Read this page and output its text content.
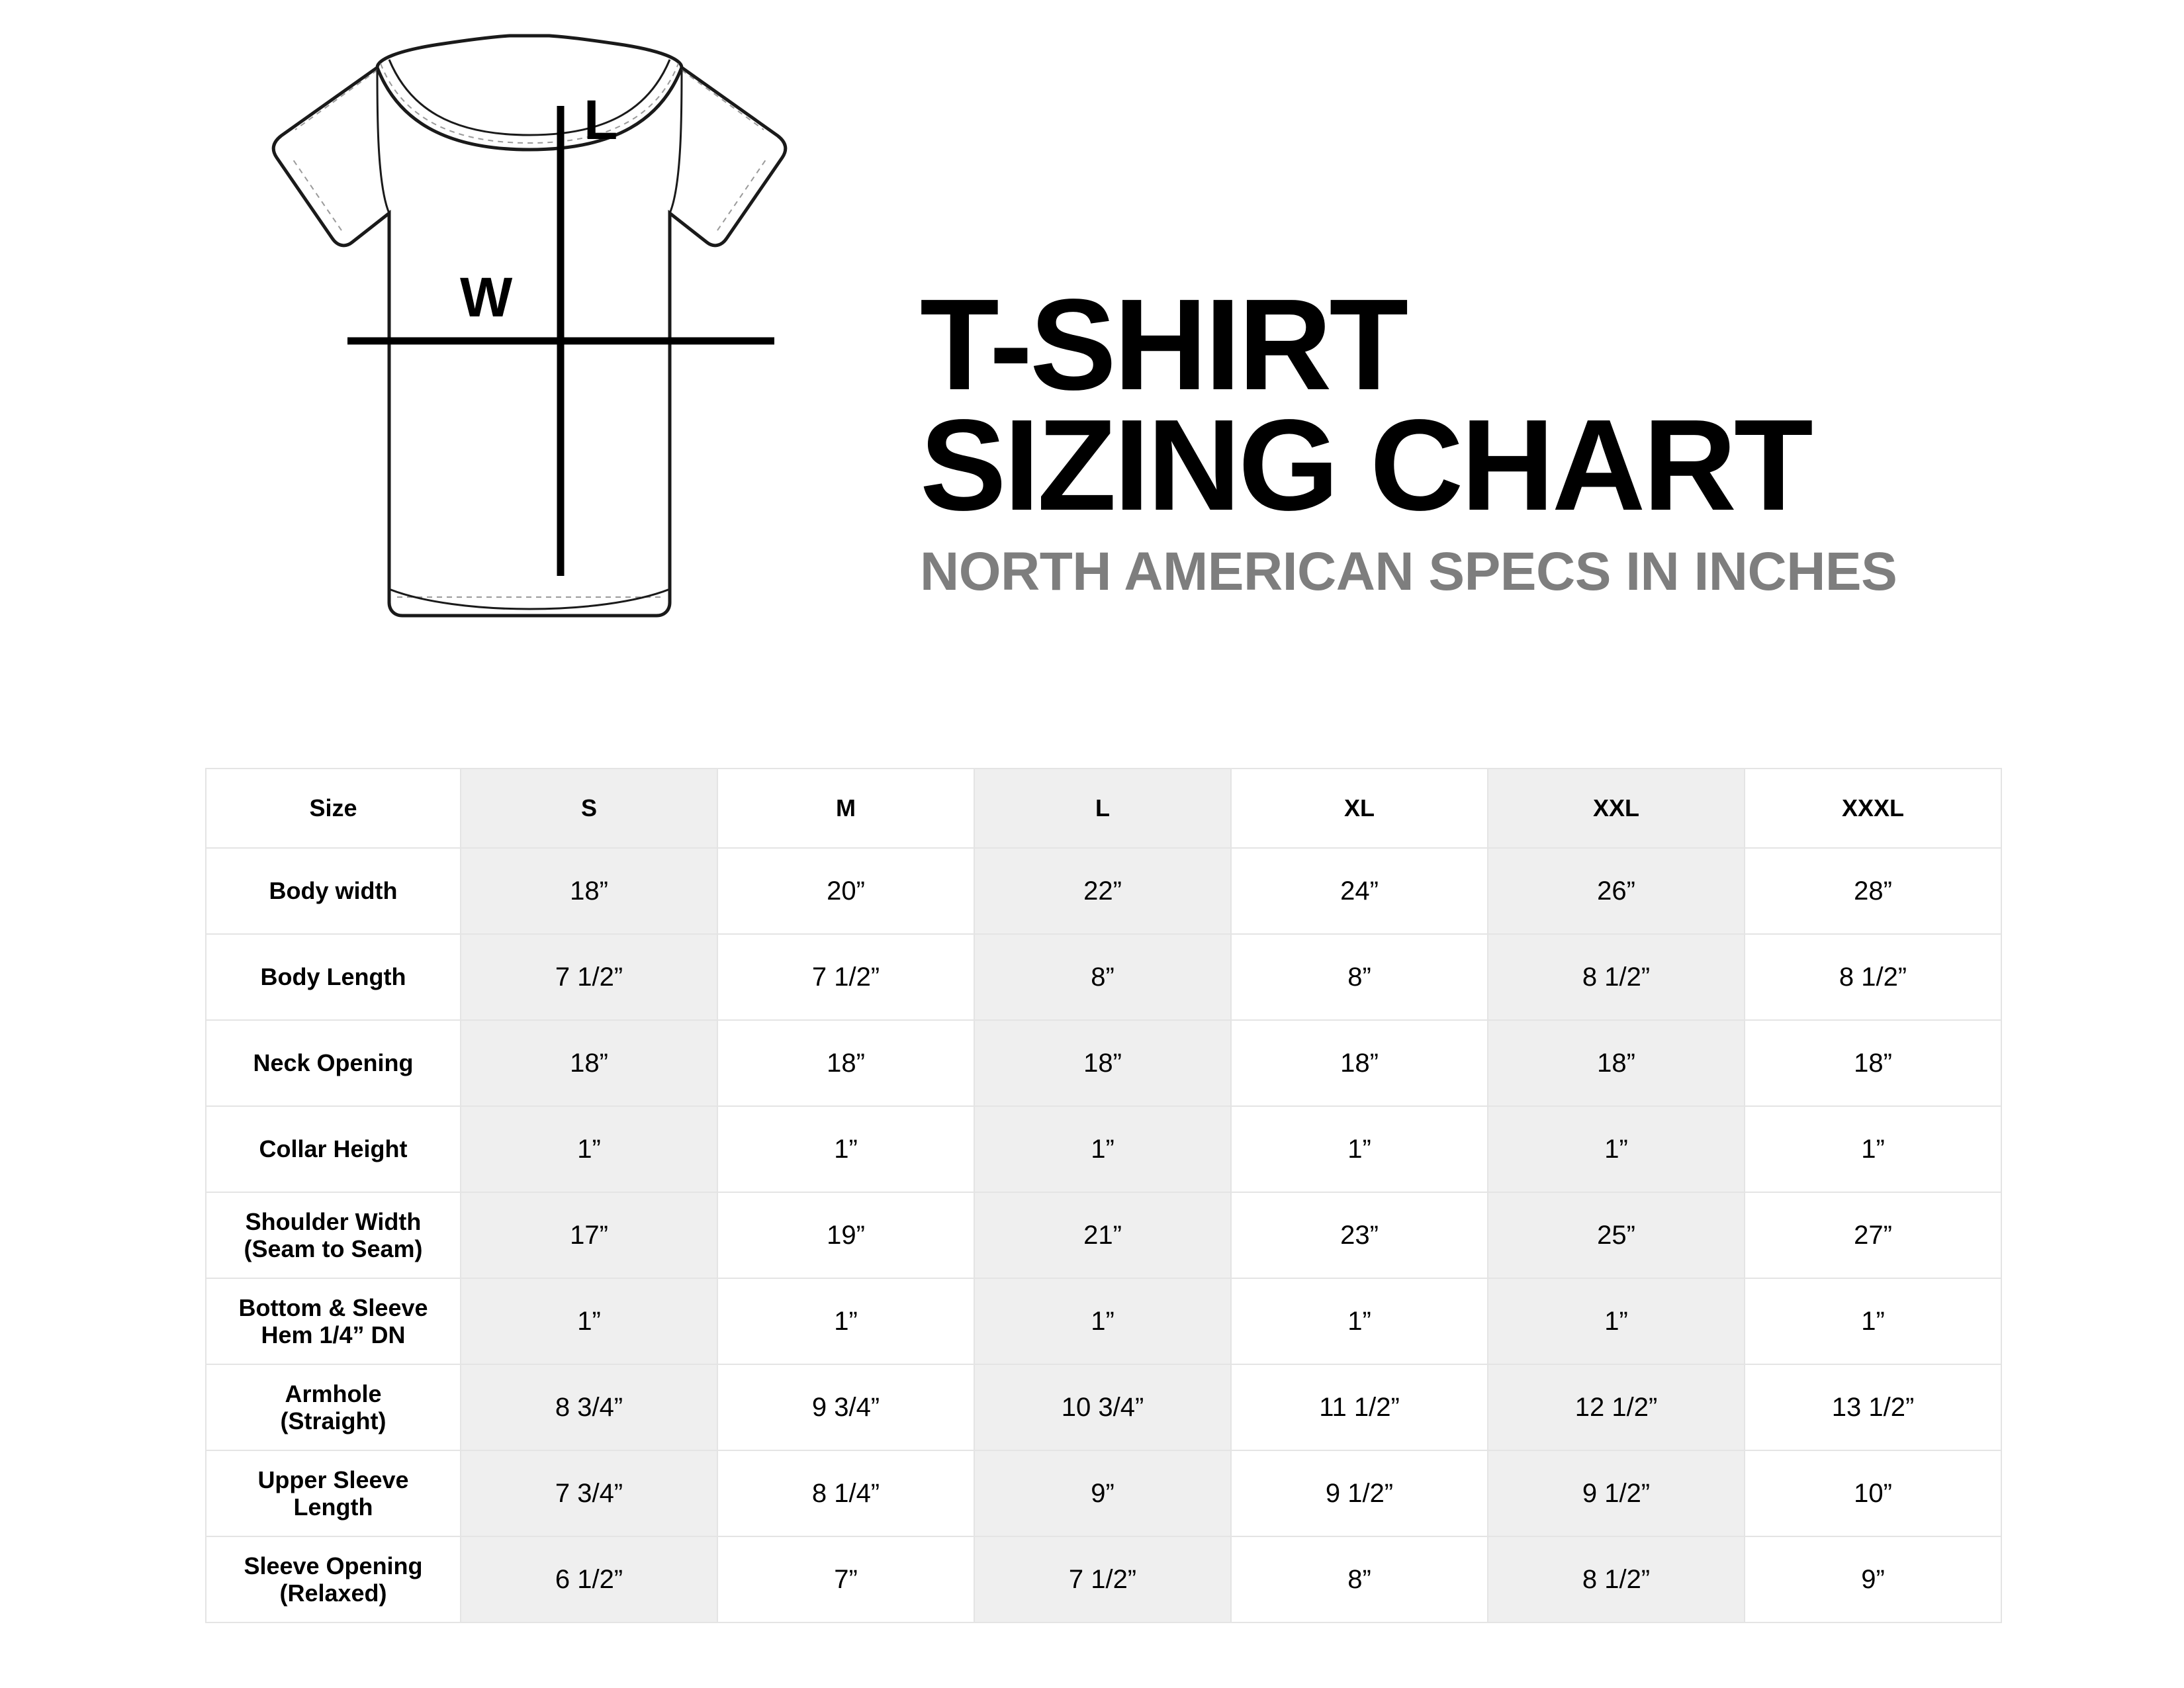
L
W	T-SHIRT
SIZING CHART
NORTH AMERICAN SPECS IN INCHES
Size	S	M	L	XL	XXL	XXXL
Body width	18”	20”	22”	24”	26”	28”
Body Length	7 1/2”	7 1/2”	8”	8”	8 1/2”	8 1/2”
Neck Opening	18”	18”	18”	18”	18”	18”
Collar Height	1”	1”	1”	1”	1”	1”

Shoulder Width
(Seam to Seam)	17”	19”	21”	23”	25”	27”

Bottom & Sleeve
Hem 1/4” DN	1”	1”	1”	1”	1”	1”

Armhole
(Straight)	8 3/4”	9 3/4”	10 3/4”	11 1/2”	12 1/2”	13 1/2”

Upper Sleeve
Length	7 3/4”	8 1/4”	9”	9 1/2”	9 1/2”	10”

Sleeve Opening
(Relaxed)	6 1/2”	7”	7 1/2”	8”	8 1/2”	9”
